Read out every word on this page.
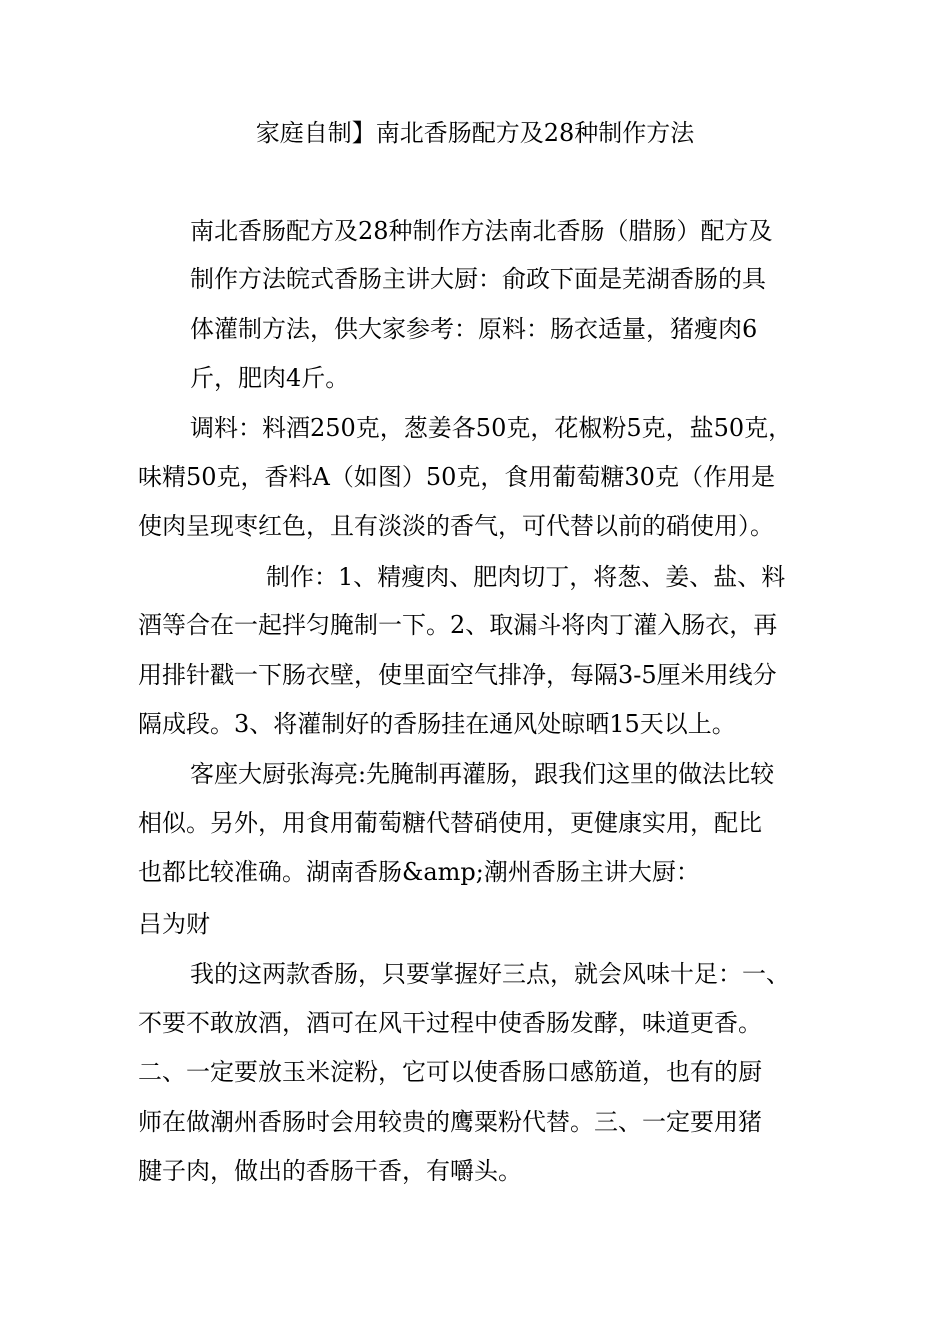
家庭自制】南北香肠配方及28种制作方法
南北香肠配方及28种制作方法南北香肠（腊肠）配方及
制作方法皖式香肠主讲大厨：俞政下面是芜湖香肠的具
体灌制方法，供大家参考：原料：肠衣适量，猪瘦肉6
斤，肥肉4斤。
调料：料酒250克，葱姜各50克，花椒粉5克，盐50克，
味精50克，香料A（如图）50克，食用葡萄糖30克（作用是
使肉呈现枣红色，且有淡淡的香气，可代替以前的硝使用）。
制作：1、精瘦肉、肥肉切丁，将葱、姜、盐、料
酒等合在一起拌匀腌制一下。2、取漏斗将肉丁灌入肠衣，再
用排针戳一下肠衣壁，使里面空气排净，每隔3-5厘米用线分
隔成段。3、将灌制好的香肠挂在通风处晾晒15天以上。
客座大厨张海亮:先腌制再灌肠，跟我们这里的做法比较
相似。另外，用食用葡萄糖代替硝使用，更健康实用，配比
也都比较准确。湖南香肠&amp;潮州香肠主讲大厨：
吕为财
我的这两款香肠，只要掌握好三点，就会风味十足：一、
不要不敢放酒，酒可在风干过程中使香肠发酵，味道更香。
二、一定要放玉米淀粉，它可以使香肠口感筋道，也有的厨
师在做潮州香肠时会用较贵的鹰粟粉代替。三、一定要用猪
腱子肉，做出的香肠干香，有嚼头。
